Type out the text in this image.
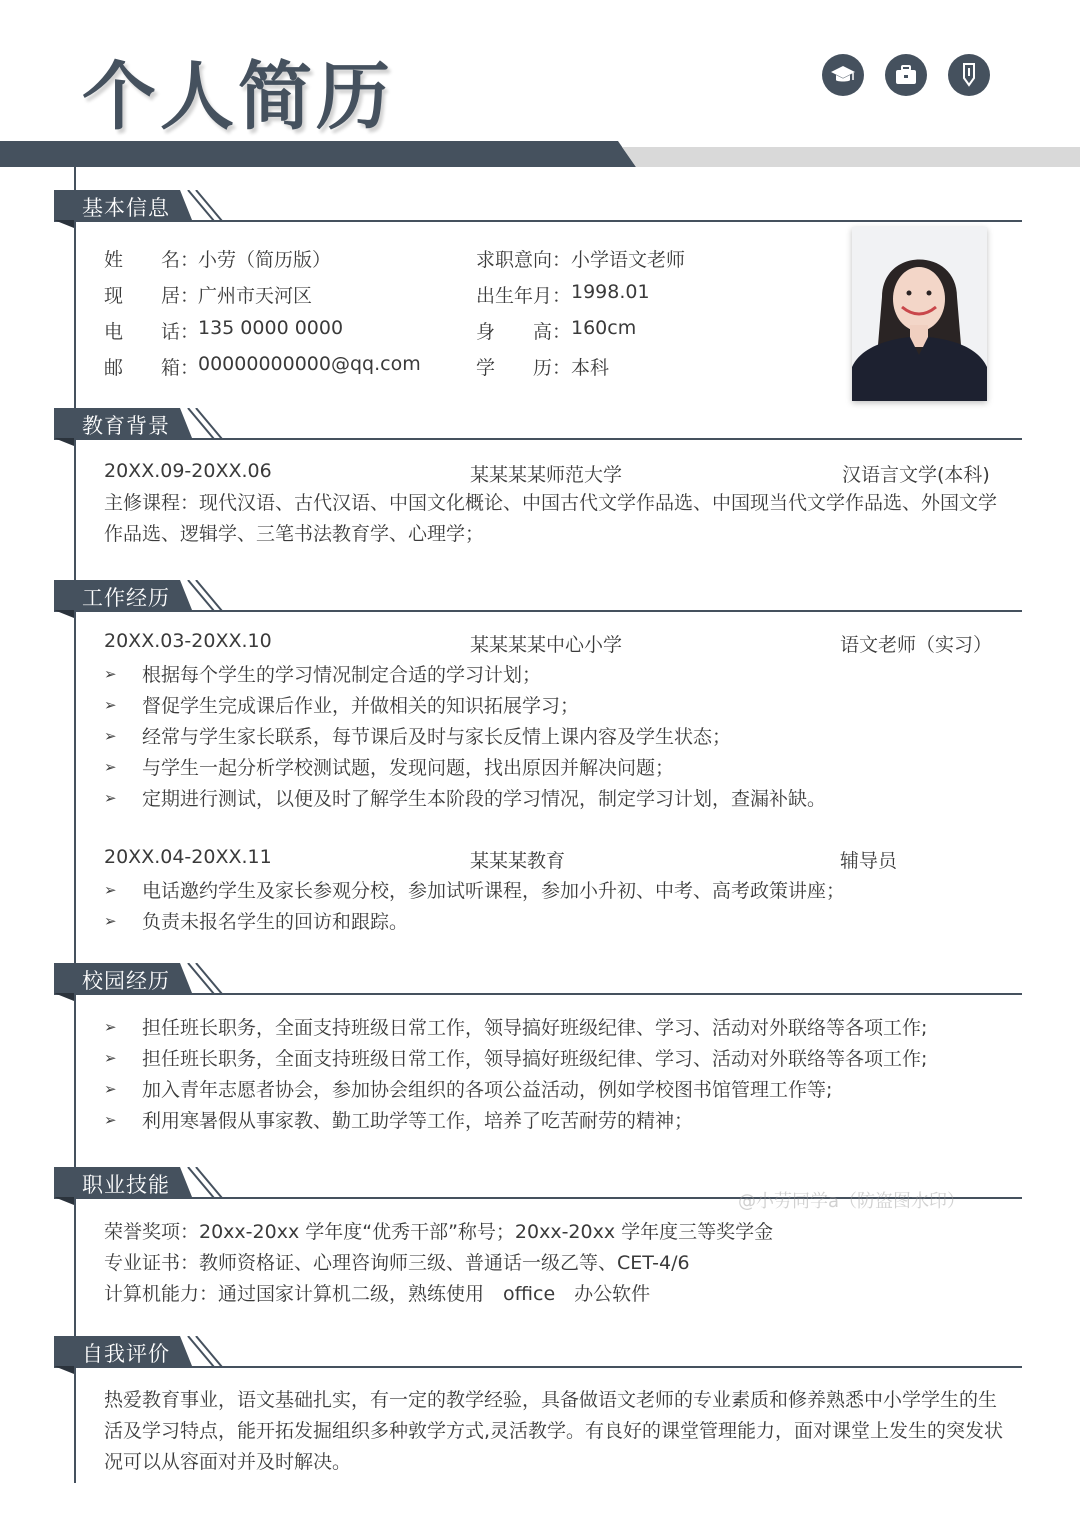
个人简历
基本信息
姓　　名：
小劳（简历版）
现　　居：
广州市天河区
电　　话：
135 0000 0000
邮　　箱：
00000000000@qq.com
求职意向： 小学语文老师
出生年月： 1998.01
身　　高： 160cm
学　　历： 本科
教育背景
20XX.09-20XX.06	某某某某师范大学	汉语言文学(本科)
主修课程：现代汉语、古代汉语、中国文化概论、中国古代文学作品选、中国现当代文学作品选、外国文学作品选、逻辑学、三笔书法教育学、心理学；
工作经历
20XX.03-20XX.10	某某某某中心小学	语文老师（实习）
➢	根据每个学生的学习情况制定合适的学习计划；
➢	督促学生完成课后作业，并做相关的知识拓展学习；
➢	经常与学生家长联系，每节课后及时与家长反情上课内容及学生状态；
➢	与学生一起分析学校测试题，发现问题，找出原因并解决问题；
➢	定期进行测试，以便及时了解学生本阶段的学习情况，制定学习计划，查漏补缺。
20XX.04-20XX.11	某某某教育	辅导员
➢	电话邀约学生及家长参观分校，参加试听课程，参加小升初、中考、高考政策讲座；
➢	负责未报名学生的回访和跟踪。
校园经历
➢	担任班长职务，全面支持班级日常工作，领导搞好班级纪律、学习、活动对外联络等各项工作;
➢	担任班长职务，全面支持班级日常工作，领导搞好班级纪律、学习、活动对外联络等各项工作;
➢	加入青年志愿者协会，参加协会组织的各项公益活动，例如学校图书馆管理工作等;
➢	利用寒暑假从事家教、勤工助学等工作，培养了吃苦耐劳的精神；
职业技能
@小劳同学a（防盗图水印）
荣誉奖项：20xx-20xx 学年度“优秀干部”称号；20xx-20xx 学年度三等奖学金
专业证书：教师资格证、心理咨询师三级、普通话一级乙等、CET-4/6
计算机能力：通过国家计算机二级，熟练使用　office　办公软件
自我评价
热爱教育事业，语文基础扎实，有一定的教学经验，具备做语文老师的专业素质和修养熟悉中小学学生的生活及学习特点，能开拓发掘组织多种敦学方式,灵活教学。有良好的课堂管理能力，面对课堂上发生的突发状况可以从容面对并及时解决。
